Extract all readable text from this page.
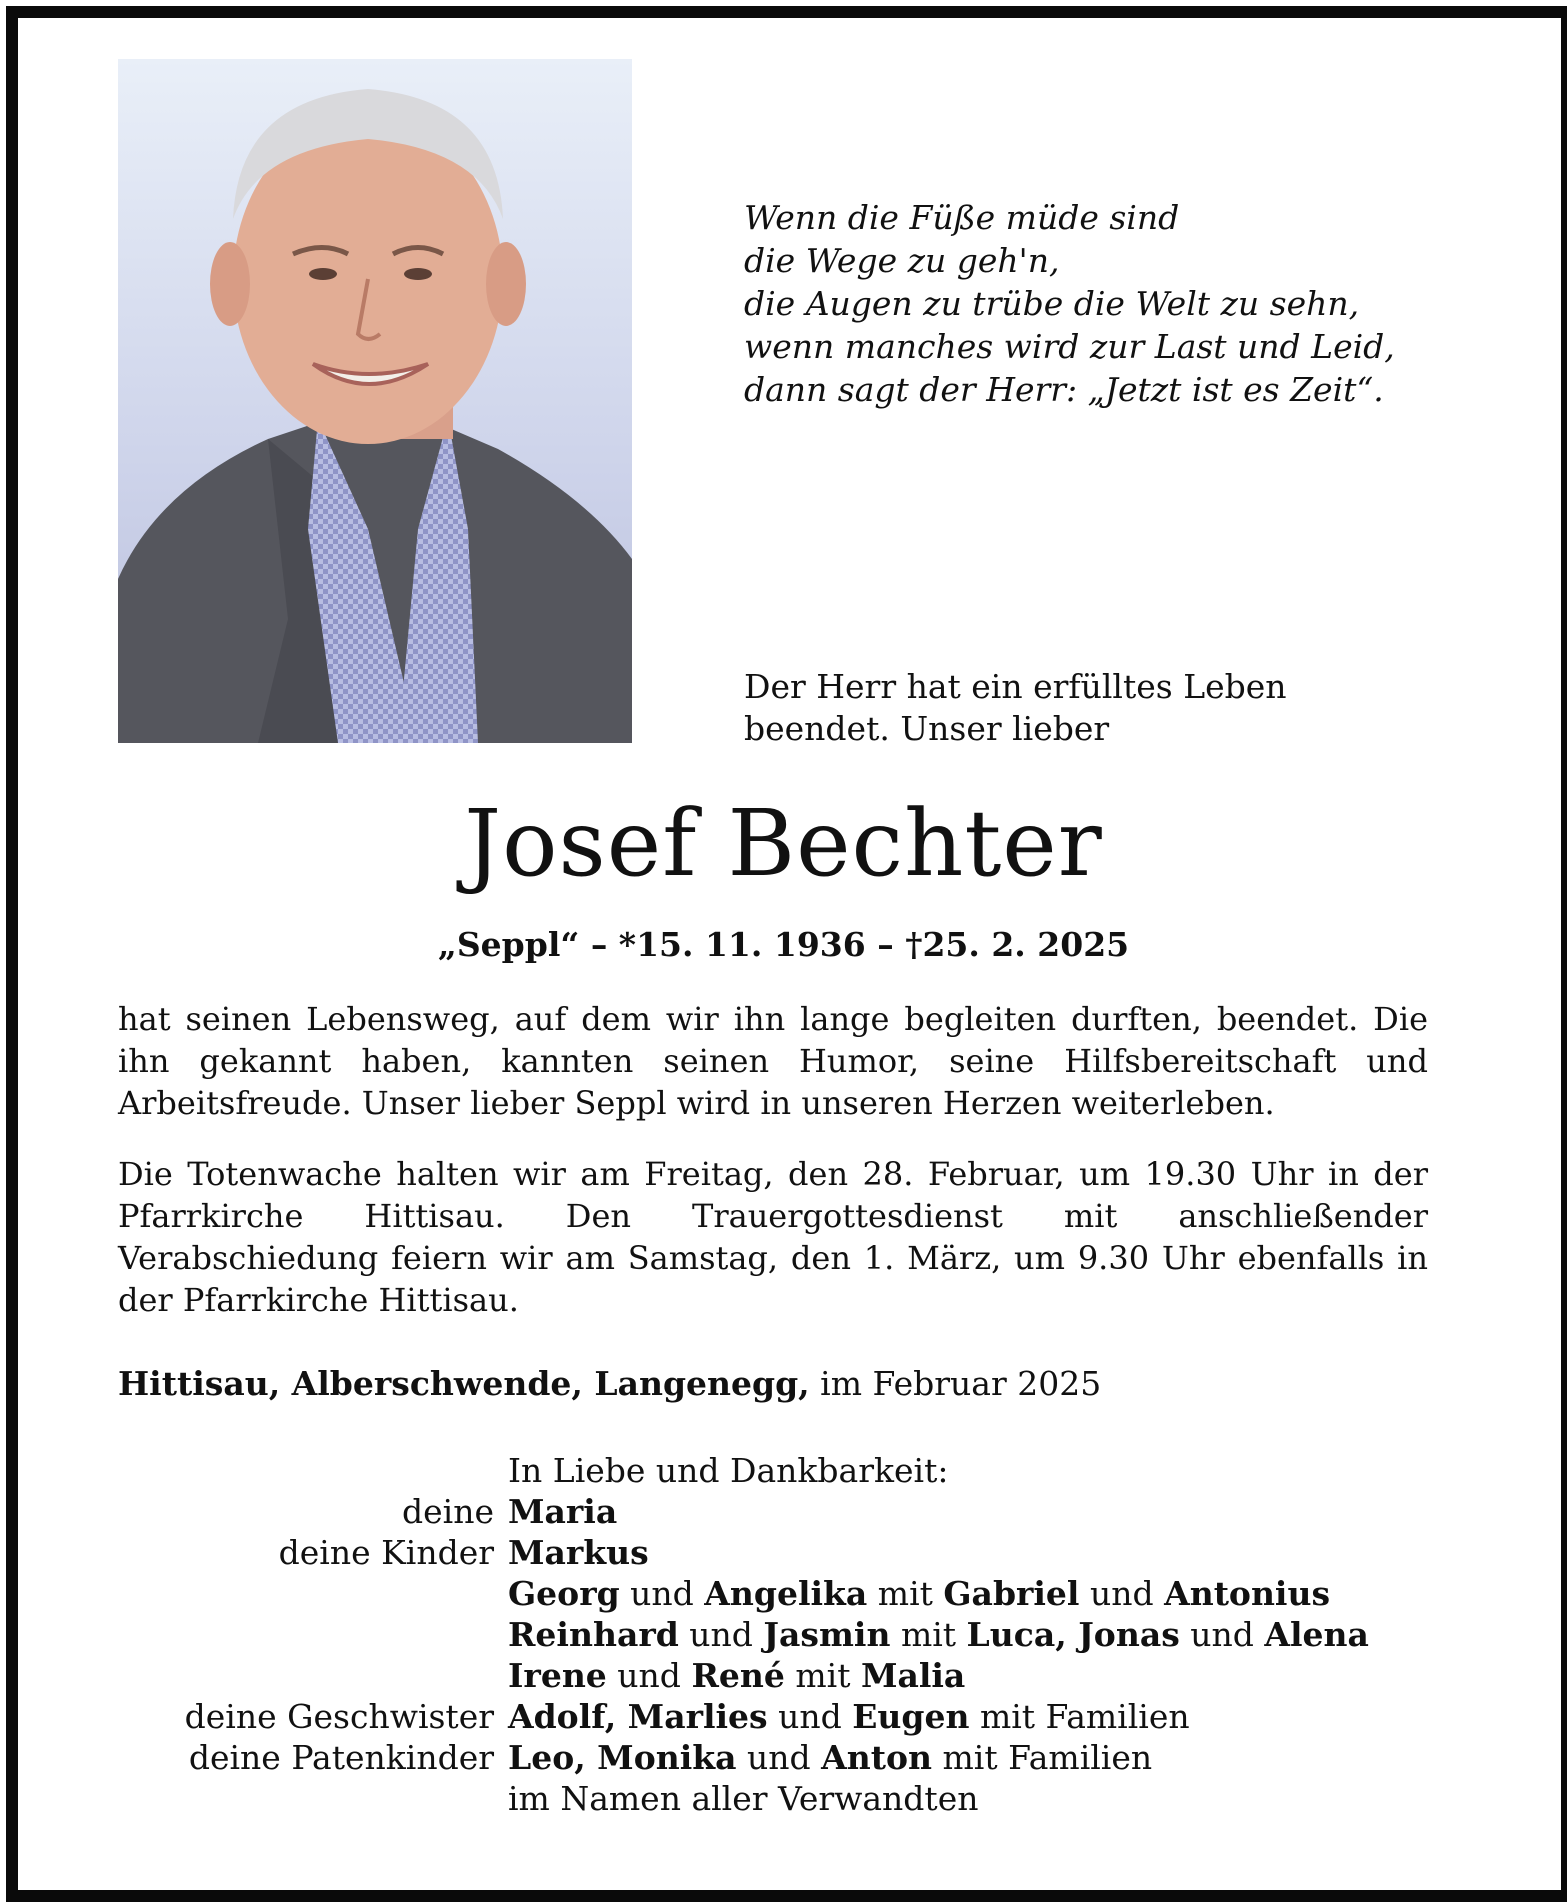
Wenn die Füße müde sind
die Wege zu geh'n,
die Augen zu trübe die Welt zu sehn,
wenn manches wird zur Last und Leid,
dann sagt der Herr: „Jetzt ist es Zeit“.
Der Herr hat ein erfülltes Leben
beendet. Unser lieber
Josef Bechter
„Seppl“ – *15. 11. 1936 – †25. 2. 2025
hat seinen Lebensweg, auf dem wir ihn lange begleiten durften, beendet. Die ihn gekannt haben, kannten seinen Humor, seine Hilfsbereitschaft und Arbeitsfreude. Unser lieber Seppl wird in unseren Herzen weiterleben.
Die Totenwache halten wir am Freitag, den 28. Februar, um 19.30 Uhr in der Pfarrkirche Hittisau. Den Trauergottesdienst mit anschließender Verabschiedung feiern wir am Samstag, den 1. März, um 9.30 Uhr ebenfalls in der Pfarrkirche Hittisau.
Hittisau, Alberschwende, Langenegg, im Februar 2025
In Liebe und Dankbarkeit:
deine Maria
deine Kinder Markus
Georg und Angelika mit Gabriel und Antonius
Reinhard und Jasmin mit Luca, Jonas und Alena
Irene und René mit Malia
deine Geschwister Adolf, Marlies und Eugen mit Familien
deine Patenkinder Leo, Monika und Anton mit Familien
im Namen aller Verwandten
